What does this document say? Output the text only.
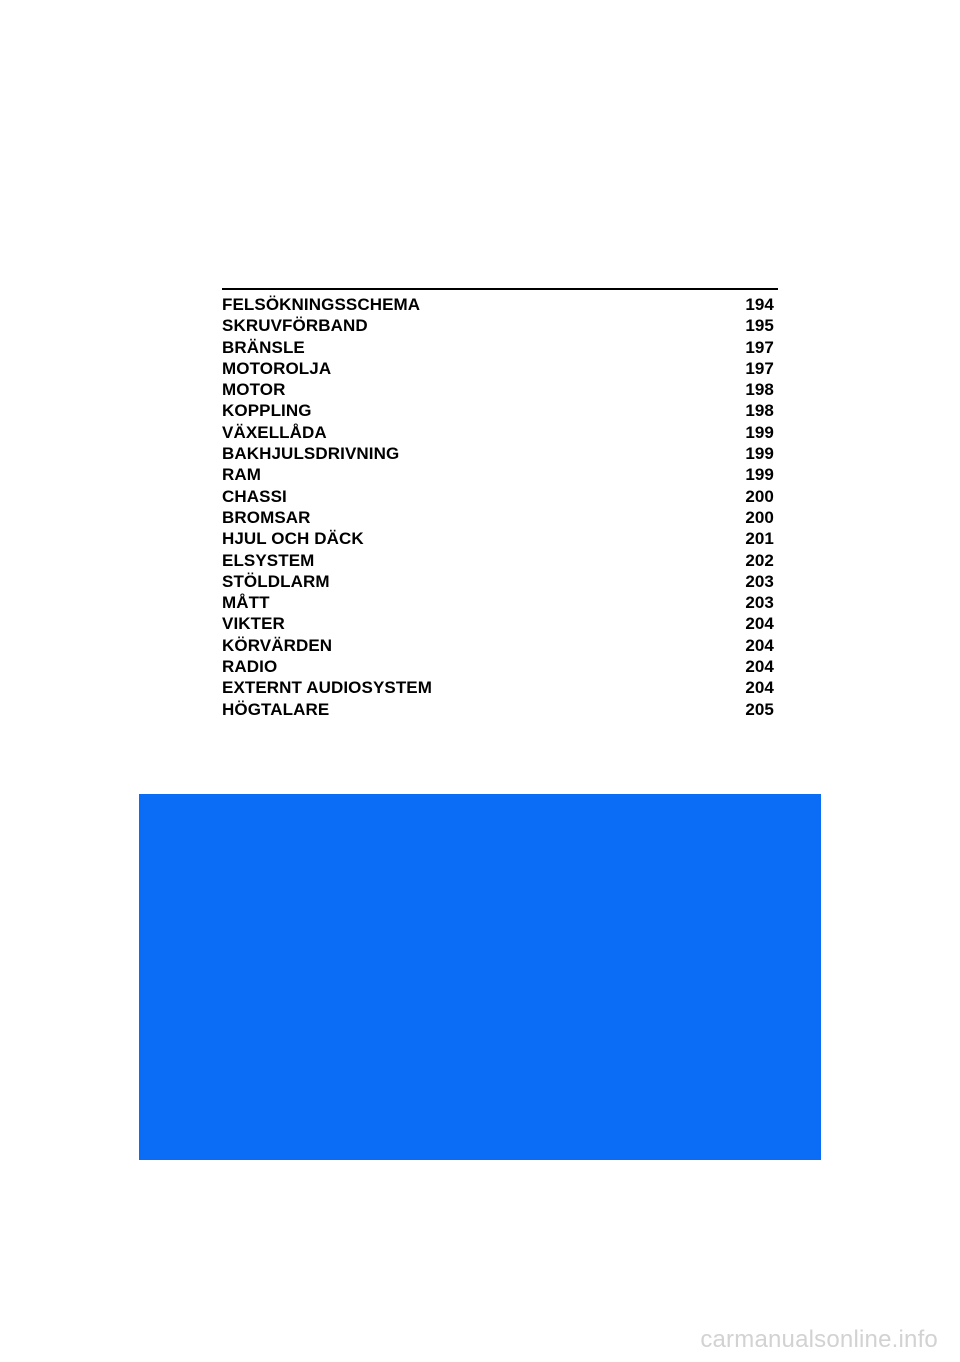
FELSÖKNINGSSCHEMA	194
SKRUVFÖRBAND	195
BRÄNSLE	197
MOTOROLJA	197
MOTOR	198
KOPPLING	198
VÄXELLÅDA	199
BAKHJULSDRIVNING	199
RAM	199
CHASSI	200
BROMSAR	200
HJUL OCH DÄCK	201
ELSYSTEM	202
STÖLDLARM	203
MÅTT	203
VIKTER	204
KÖRVÄRDEN	204
RADIO	204
EXTERNT AUDIOSYSTEM	204
HÖGTALARE	205
carmanualsonline.info
